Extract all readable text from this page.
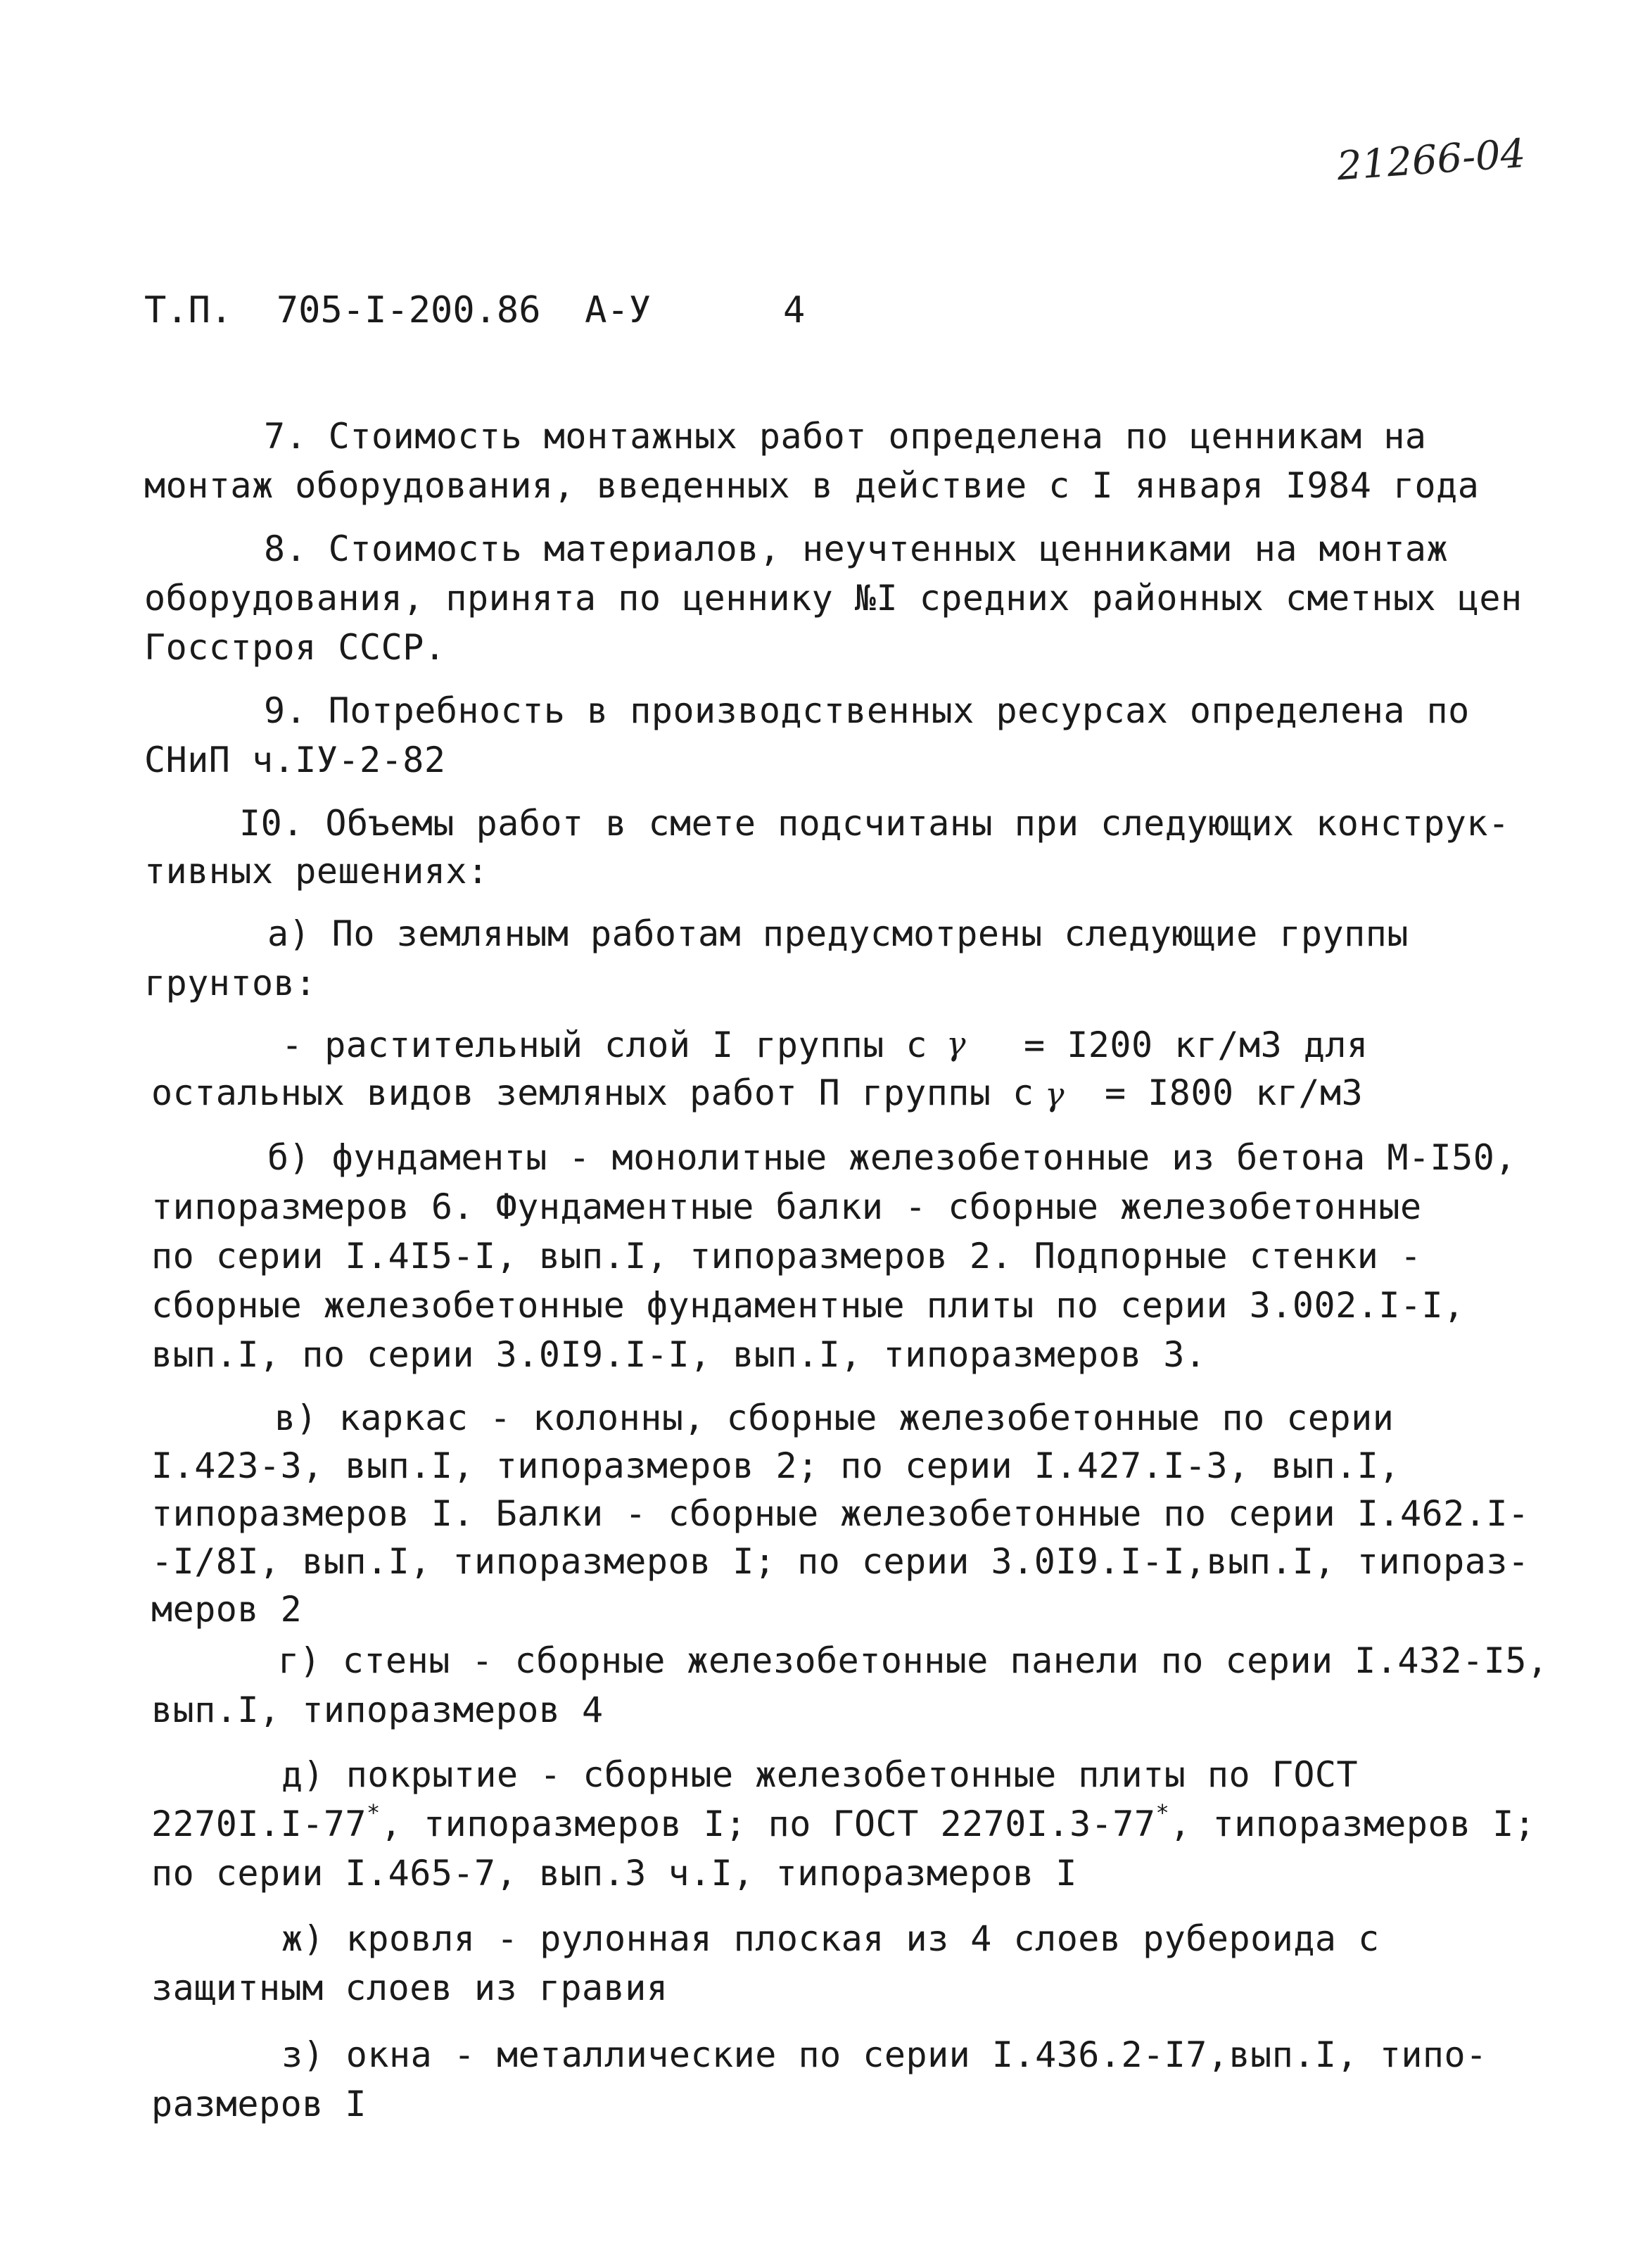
21266-04
Т.П. 705-I-200.86 А-У	4
7. Стоимость монтажных работ определена по ценникам на
монтаж оборудования, введенных в действие с I января I984 года
8. Стоимость материалов, неучтенных ценниками на монтаж
оборудования, принята по ценнику №I средних районных сметных цен
Госстроя СССР.
9. Потребность в производственных ресурсах определена по
СНиП ч.IУ-2-82
I0. Объемы работ в смете подсчитаны при следующих конструк-
тивных решениях:
а) По земляным работам предусмотрены следующие группы
грунтов:
- растительный слой I группы с γ = I200 кг/м3 для
остальных видов земляных работ П группы с γ = I800 кг/м3
б) фундаменты - монолитные железобетонные из бетона М-I50,
типоразмеров 6. Фундаментные балки - сборные железобетонные
по серии I.4I5-I, вып.I, типоразмеров 2. Подпорные стенки -
сборные железобетонные фундаментные плиты по серии 3.002.I-I,
вып.I, по серии 3.0I9.I-I, вып.I, типоразмеров 3.
в) каркас - колонны, сборные железобетонные по серии
I.423-3, вып.I, типоразмеров 2; по серии I.427.I-3, вып.I,
типоразмеров I. Балки - сборные железобетонные по серии I.462.I-
-I/8I, вып.I, типоразмеров I; по серии 3.0I9.I-I,вып.I, типораз-
меров 2
г) стены - сборные железобетонные панели по серии I.432-I5,
вып.I, типоразмеров 4
д) покрытие - сборные железобетонные плиты по ГОСТ
2270I.I-77*, типоразмеров I; по ГОСТ 2270I.3-77*, типоразмеров I;
по серии I.465-7, вып.3 ч.I, типоразмеров I
ж) кровля - рулонная плоская из 4 слоев рубероида с
защитным слоев из гравия
з) окна - металлические по серии I.436.2-I7,вып.I, типо-
размеров I
